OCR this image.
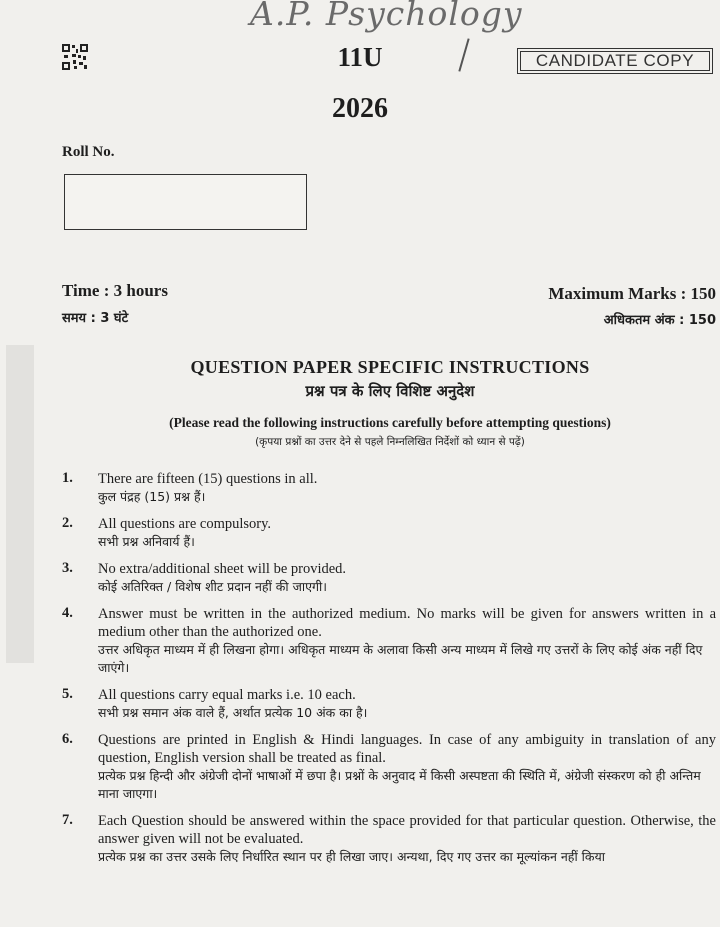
A.P. Psychology
11U
2026
CANDIDATE COPY
Roll No.
Time : 3 hours
समय : 3 घंटे
Maximum Marks : 150
अधिकतम अंक : 150
QUESTION PAPER SPECIFIC INSTRUCTIONS
प्रश्न पत्र के लिए विशिष्ट अनुदेश
(Please read the following instructions carefully before attempting questions)
(कृपया प्रश्नों का उत्तर देने से पहले निम्नलिखित निर्देशों को ध्यान से पढ़ें)
1. There are fifteen (15) questions in all.
कुल पंद्रह (15) प्रश्न हैं।
2. All questions are compulsory.
सभी प्रश्न अनिवार्य हैं।
3. No extra/additional sheet will be provided.
कोई अतिरिक्त / विशेष शीट प्रदान नहीं की जाएगी।
4. Answer must be written in the authorized medium. No marks will be given for answers written in a medium other than the authorized one.
उत्तर अधिकृत माध्यम में ही लिखना होगा। अधिकृत माध्यम के अलावा किसी अन्य माध्यम में लिखे गए उत्तरों के लिए कोई अंक नहीं दिए जाएंगे।
5. All questions carry equal marks i.e. 10 each.
सभी प्रश्न समान अंक वाले हैं, अर्थात प्रत्येक 10 अंक का है।
6. Questions are printed in English & Hindi languages. In case of any ambiguity in translation of any question, English version shall be treated as final.
प्रत्येक प्रश्न हिन्दी और अंग्रेजी दोनों भाषाओं में छपा है। प्रश्नों के अनुवाद में किसी अस्पष्टता की स्थिति में, अंग्रेजी संस्करण को ही अन्तिम माना जाएगा।
7. Each Question should be answered within the space provided for that particular question. Otherwise, the answer given will not be evaluated.
प्रत्येक प्रश्न का उत्तर उसके लिए निर्धारित स्थान पर ही लिखा जाए। अन्यथा, दिए गए उत्तर का मूल्यांकन नहीं किया
